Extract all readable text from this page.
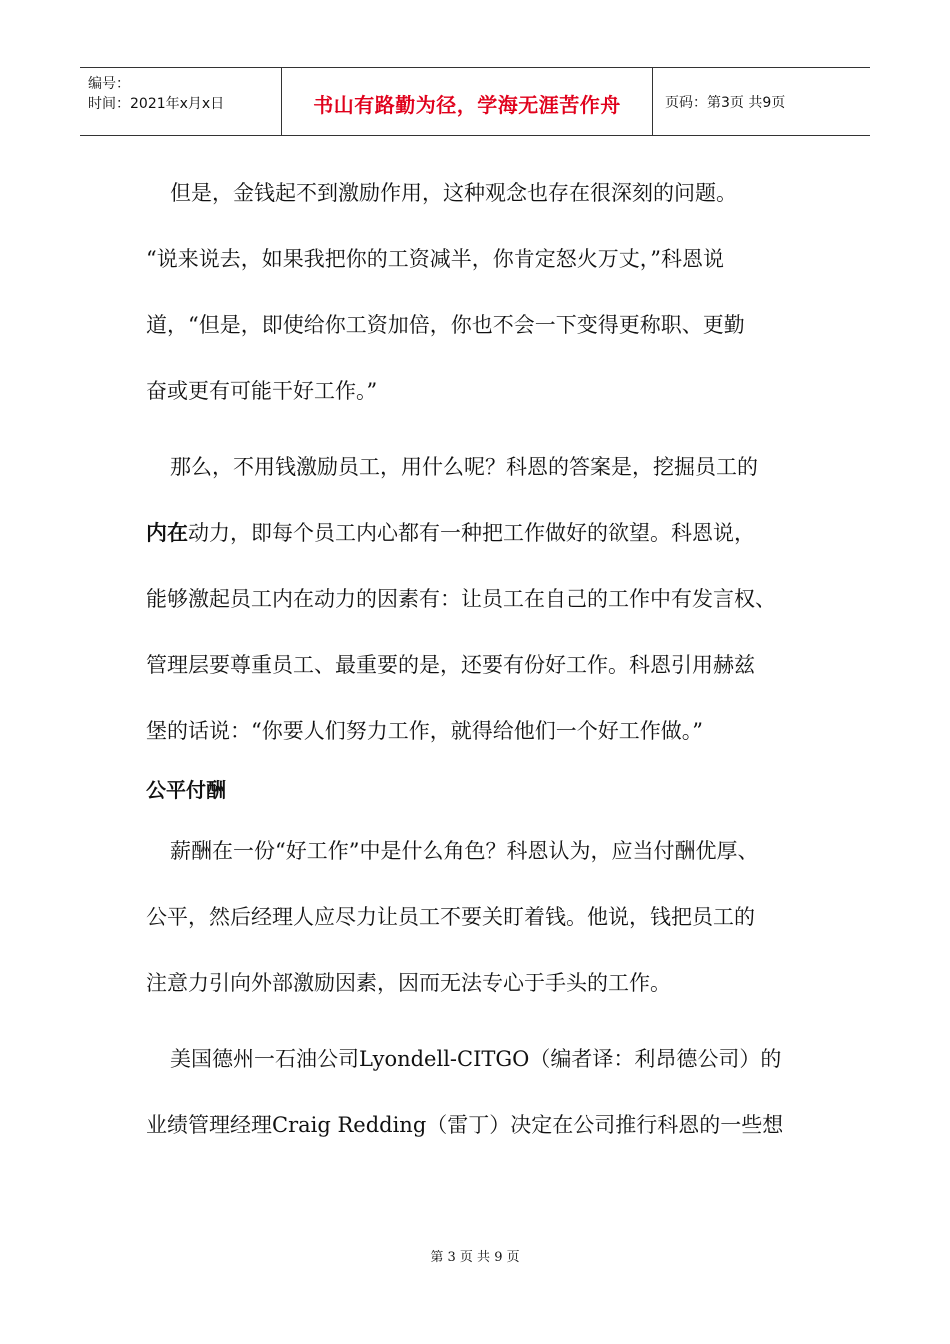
编号：
时间：2021年x月x日	书山有路勤为径，学海无涯苦作舟	页码：第3页 共9页

但是，金钱起不到激励作用，这种观念也存在很深刻的问题。
“说来说去，如果我把你的工资减半，你肯定怒火万丈，”科恩说
道，“但是，即使给你工资加倍，你也不会一下变得更称职、更勤
奋或更有可能干好工作。”

那么，不用钱激励员工，用什么呢？科恩的答案是，挖掘员工的
内在动力，即每个员工内心都有一种把工作做好的欲望。科恩说，
能够激起员工内在动力的因素有：让员工在自己的工作中有发言权、
管理层要尊重员工、最重要的是，还要有份好工作。科恩引用赫兹
堡的话说：“你要人们努力工作，就得给他们一个好工作做。”

公平付酬

薪酬在一份“好工作”中是什么角色？科恩认为，应当付酬优厚、
公平，然后经理人应尽力让员工不要关盯着钱。他说，钱把员工的
注意力引向外部激励因素，因而无法专心于手头的工作。

美国德州一石油公司Lyondell-CITGO（编者译：利昂德公司）的
业绩管理经理Craig Redding（雷丁）决定在公司推行科恩的一些想

第 3 页 共 9 页
